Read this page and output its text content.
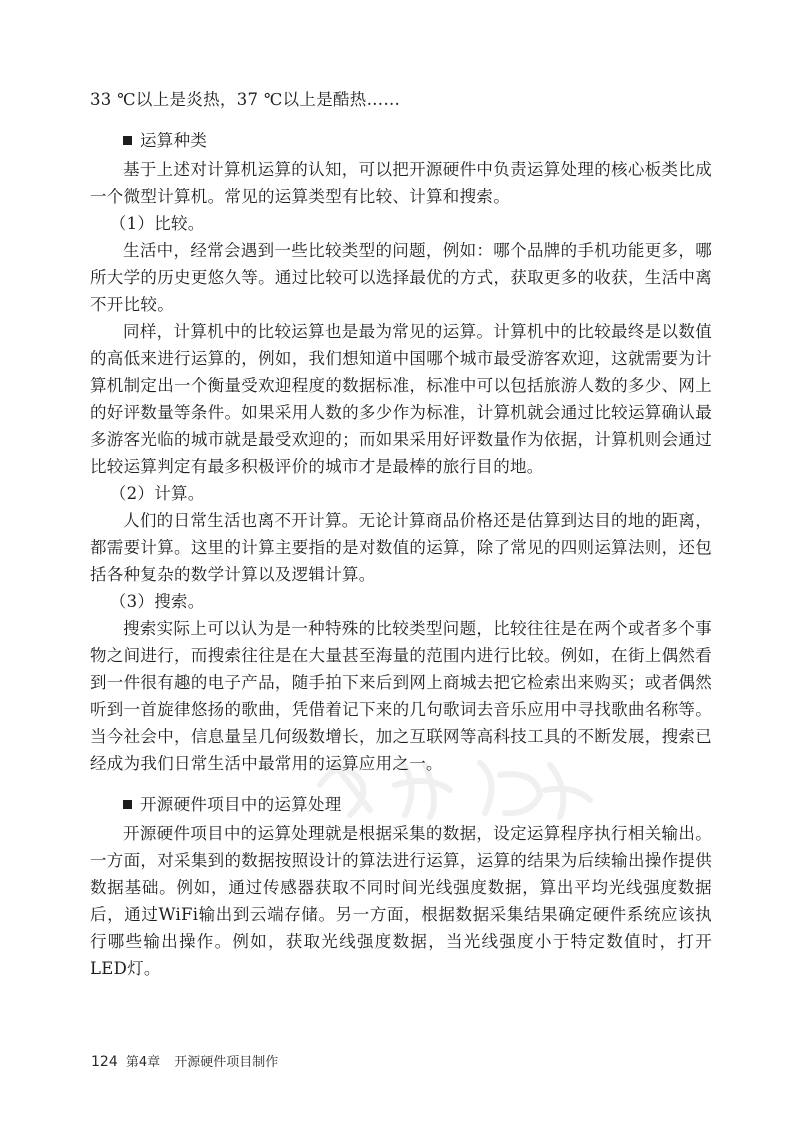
33 ℃以上是炎热，37 ℃以上是酷热……

运算种类

基于上述对计算机运算的认知，可以把开源硬件中负责运算处理的核心板类比成一个微型计算机。常见的运算类型有比较、计算和搜索。

（1）比较。

生活中，经常会遇到一些比较类型的问题，例如：哪个品牌的手机功能更多，哪所大学的历史更悠久等。通过比较可以选择最优的方式，获取更多的收获，生活中离不开比较。

同样，计算机中的比较运算也是最为常见的运算。计算机中的比较最终是以数值的高低来进行运算的，例如，我们想知道中国哪个城市最受游客欢迎，这就需要为计算机制定出一个衡量受欢迎程度的数据标准，标准中可以包括旅游人数的多少、网上的好评数量等条件。如果采用人数的多少作为标准，计算机就会通过比较运算确认最多游客光临的城市就是最受欢迎的；而如果采用好评数量作为依据，计算机则会通过比较运算判定有最多积极评价的城市才是最棒的旅行目的地。

（2）计算。

人们的日常生活也离不开计算。无论计算商品价格还是估算到达目的地的距离，都需要计算。这里的计算主要指的是对数值的运算，除了常见的四则运算法则，还包括各种复杂的数学计算以及逻辑计算。

（3）搜索。

搜索实际上可以认为是一种特殊的比较类型问题，比较往往是在两个或者多个事物之间进行，而搜索往往是在大量甚至海量的范围内进行比较。例如，在街上偶然看到一件很有趣的电子产品，随手拍下来后到网上商城去把它检索出来购买；或者偶然听到一首旋律悠扬的歌曲，凭借着记下来的几句歌词去音乐应用中寻找歌曲名称等。当今社会中，信息量呈几何级数增长，加之互联网等高科技工具的不断发展，搜索已经成为我们日常生活中最常用的运算应用之一。

开源硬件项目中的运算处理

开源硬件项目中的运算处理就是根据采集的数据，设定运算程序执行相关输出。一方面，对采集到的数据按照设计的算法进行运算，运算的结果为后续输出操作提供数据基础。例如，通过传感器获取不同时间光线强度数据，算出平均光线强度数据后，通过WiFi输出到云端存储。另一方面，根据数据采集结果确定硬件系统应该执行哪些输出操作。例如，获取光线强度数据，当光线强度小于特定数值时，打开LED灯。

124 第4章 开源硬件项目制作
